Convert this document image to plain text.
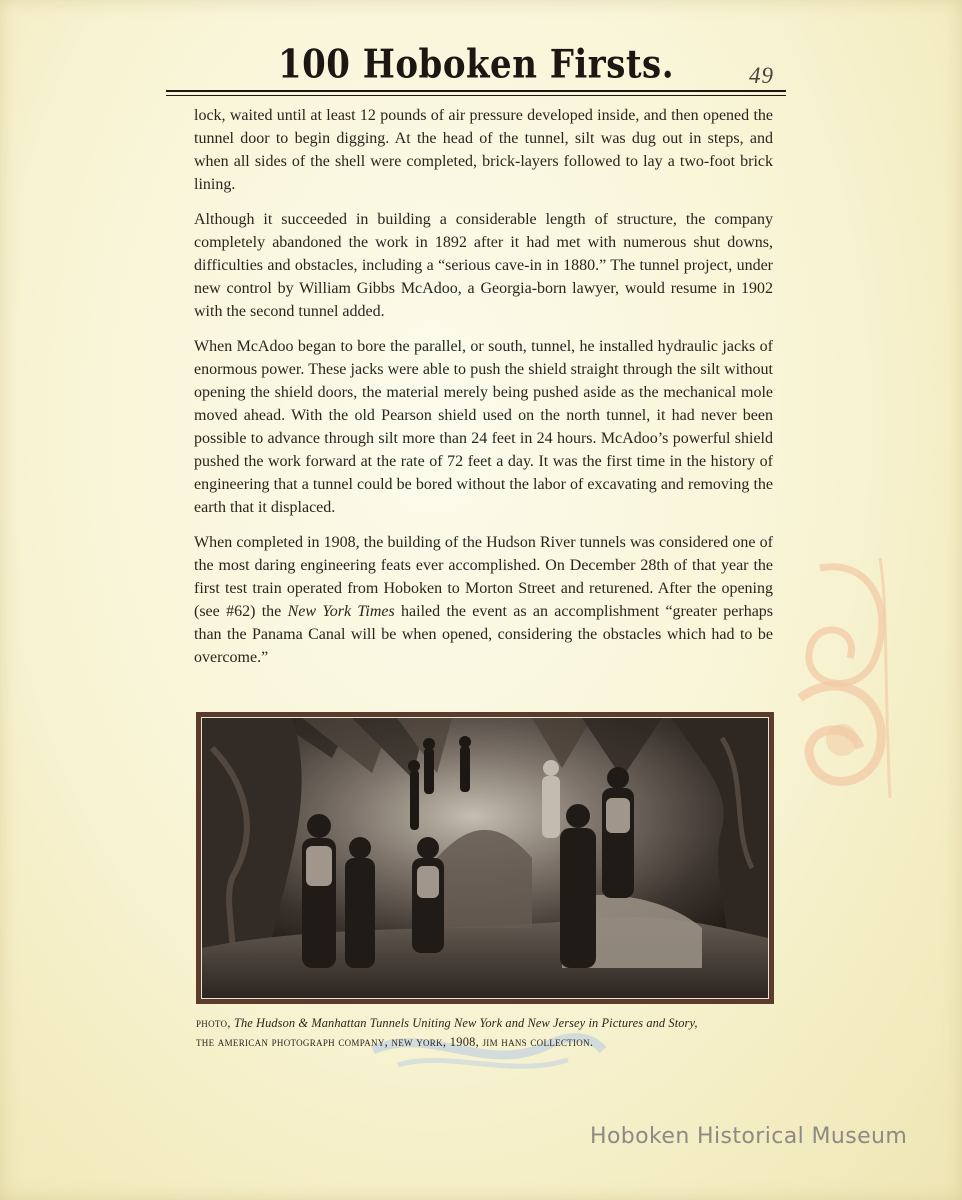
100 Hoboken Firsts.	49

lock, waited until at least 12 pounds of air pressure developed inside, and then opened the tunnel door to begin digging. At the head of the tunnel, silt was dug out in steps, and when all sides of the shell were completed, brick-layers followed to lay a two-foot brick lining.

Although it succeeded in building a considerable length of structure, the company completely abandoned the work in 1892 after it had met with numerous shut downs, difficulties and obstacles, including a “serious cave-in in 1880.” The tunnel project, under new control by William Gibbs McAdoo, a Georgia-born lawyer, would resume in 1902 with the second tunnel added.

When McAdoo began to bore the parallel, or south, tunnel, he installed hydraulic jacks of enormous power. These jacks were able to push the shield straight through the silt without opening the shield doors, the material merely being pushed aside as the mechanical mole moved ahead. With the old Pearson shield used on the north tunnel, it had never been possible to advance through silt more than 24 feet in 24 hours. McAdoo’s powerful shield pushed the work forward at the rate of 72 feet a day. It was the first time in the history of engineering that a tunnel could be bored without the labor of excavating and removing the earth that it displaced.

When completed in 1908, the building of the Hudson River tunnels was considered one of the most daring engineering feats ever accomplished. On December 28th of that year the first test train operated from Hoboken to Morton Street and returened. After the opening (see #62) the New York Times hailed the event as an accomplishment “greater perhaps than the Panama Canal will be when opened, considering the obstacles which had to be overcome.”

photo, The Hudson & Manhattan Tunnels Uniting New York and New Jersey in Pictures and Story,
the american photograph company, new york, 1908, jim hans collection.
Hoboken Historical Museum
